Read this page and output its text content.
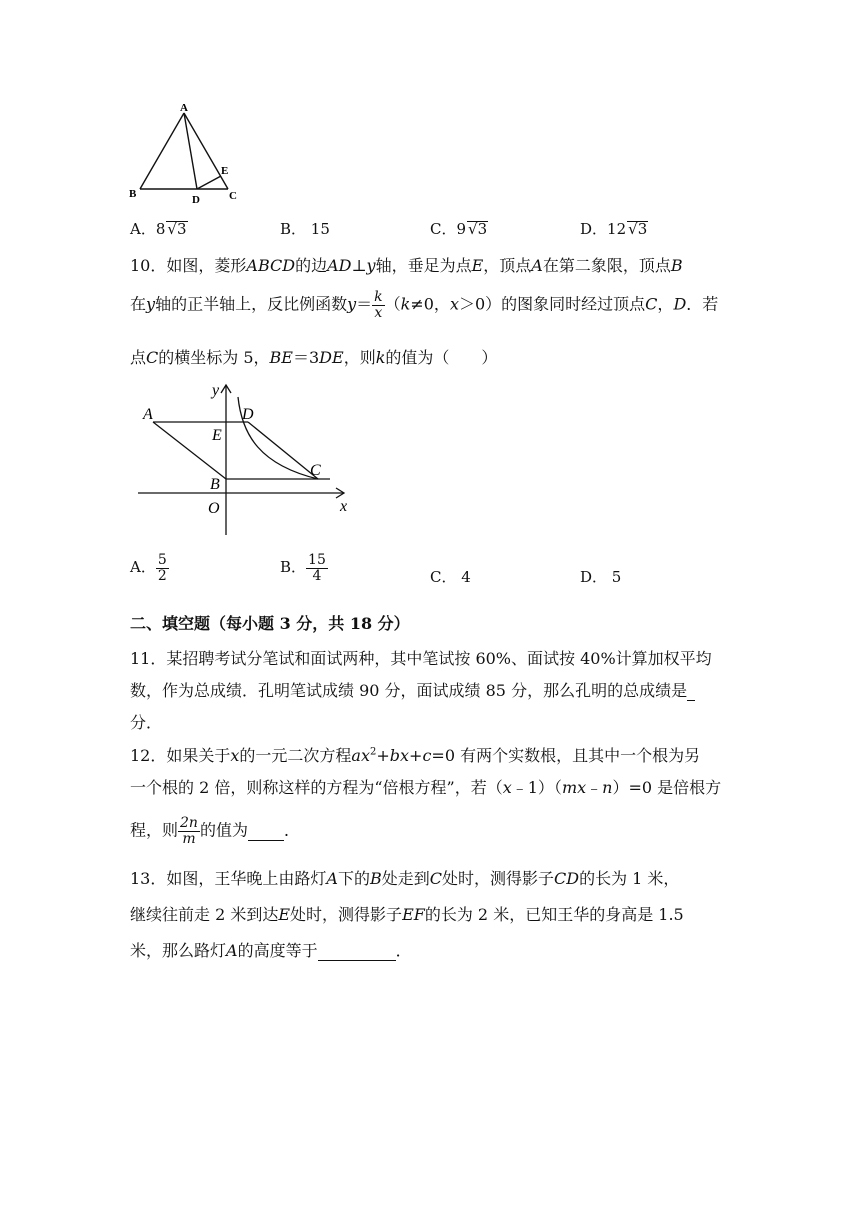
A
B	C
D
E
A．8 √3	B． 15	C．9 √3	D．12 √3
10．如图，菱形ABCD的边AD⊥y轴，垂足为点E，顶点A在第二象限，顶点B
在y轴的正半轴上，反比例函数$y= \frac{k}{x} (k\ne 0$，x＞0）的图象同时经过顶点C，D．若
点C的横坐标为 5，BE＝3DE，则k的值为（　　）
y
x
A	D
E
B
C
O
A． $\frac{5}{2}$	B． $\frac{15}{4}$	C． 4	D． 5
二、填空题（每小题 3 分，共 18 分）
11．某招聘考试分笔试和面试两种，其中笔试按 60%、面试按 40%计算加权平均
数，作为总成绩．孔明笔试成绩 90 分，面试成绩 85 分，那么孔明的总成绩是
分．
12．如果关于x的一元二次方程$ax^2+bx+c=0$ 有两个实数根，且其中一个根为另
一个根的 2 倍，则称这样的方程为“倍根方程”，若（x﹣1）（mx﹣n）=0 是倍根方
程，则 $\frac{2n}{m}$ 的值为 ．
13．如图，王华晚上由路灯A下的B处走到C处时，测得影子CD的长为 1 米，
继续往前走 2 米到达E处时，测得影子EF的长为 2 米，已知王华的身高是 1.5
米，那么路灯A的高度等于	．
